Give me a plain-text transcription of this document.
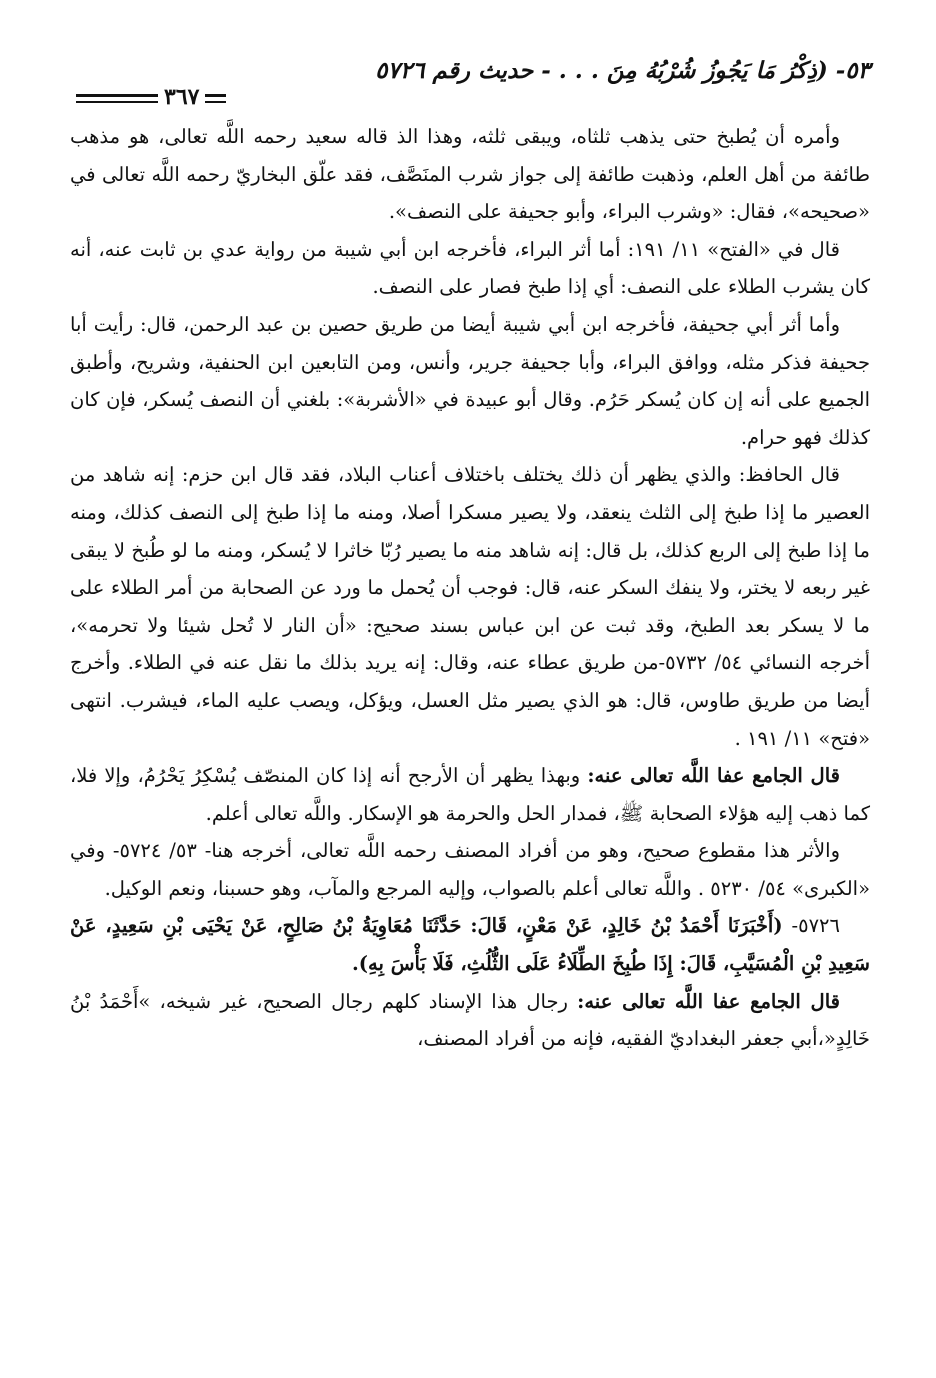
٥٣- (ذِكْرُ مَا يَجُوزُ شُرْبُهُ مِنَ . . . - حديث رقم ٥٧٢٦
٣٦٧

وأمره أن يُطبخ حتى يذهب ثلثاه، ويبقى ثلثه، وهذا الذ قاله سعيد رحمه اللَّه تعالى، هو مذهب طائفة من أهل العلم، وذهبت طائفة إلى جواز شرب المنَصَّف، فقد علّق البخاريّ رحمه اللَّه تعالى في «صحيحه»، فقال: «وشرب البراء، وأبو جحيفة على النصف».

قال في «الفتح» ١١/ ١٩١: أما أثر البراء، فأخرجه ابن أبي شيبة من رواية عدي بن ثابت عنه، أنه كان يشرب الطلاء على النصف: أي إذا طبخ فصار على النصف.

وأما أثر أبي جحيفة، فأخرجه ابن أبي شيبة أيضا من طريق حصين بن عبد الرحمن، قال: رأيت أبا جحيفة فذكر مثله، ووافق البراء، وأبا جحيفة جرير، وأنس، ومن التابعين ابن الحنفية، وشريح، وأطبق الجميع على أنه إن كان يُسكر حَرُم. وقال أبو عبيدة في «الأشربة»: بلغني أن النصف يُسكر، فإن كان كذلك فهو حرام.

قال الحافظ: والذي يظهر أن ذلك يختلف باختلاف أعناب البلاد، فقد قال ابن حزم: إنه شاهد من العصير ما إذا طبخ إلى الثلث ينعقد، ولا يصير مسكرا أصلا، ومنه ما إذا طبخ إلى النصف كذلك، ومنه ما إذا طبخ إلى الربع كذلك، بل قال: إنه شاهد منه ما يصير رُبّا خاثرا لا يُسكر، ومنه ما لو طُبخ لا يبقى غير ربعه لا يختر، ولا ينفك السكر عنه، قال: فوجب أن يُحمل ما ورد عن الصحابة من أمر الطلاء على ما لا يسكر بعد الطبخ، وقد ثبت عن ابن عباس بسند صحيح: «أن النار لا تُحل شيئا ولا تحرمه»، أخرجه النسائي ٥٤/ ٥٧٣٢-من طريق عطاء عنه، وقال: إنه يريد بذلك ما نقل عنه في الطلاء. وأخرج أيضا من طريق طاوس، قال: هو الذي يصير مثل العسل، ويؤكل، ويصب عليه الماء، فيشرب. انتهى «فتح» ١١/ ١٩١ .

قال الجامع عفا اللَّه تعالى عنه: وبهذا يظهر أن الأرجح أنه إذا كان المنصّف يُسْكِرُ يَحْرُمُ، وإلا فلا، كما ذهب إليه هؤلاء الصحابة ﷺ، فمدار الحل والحرمة هو الإسكار. واللَّه تعالى أعلم.

والأثر هذا مقطوع صحيح، وهو من أفراد المصنف رحمه اللَّه تعالى، أخرجه هنا- ٥٣/ ٥٧٢٤- وفي «الكبرى» ٥٤/ ٥٢٣٠ . واللَّه تعالى أعلم بالصواب، وإليه المرجع والمآب، وهو حسبنا، ونعم الوكيل.

٥٧٢٦- (أَخْبَرَنَا أَحْمَدُ بْنُ خَالِدٍ، عَنْ مَعْنٍ، قَالَ: حَدَّثَنَا مُعَاوِيَةُ بْنُ صَالِحٍ، عَنْ يَحْيَى بْنِ سَعِيدٍ، عَنْ سَعِيدِ بْنِ الْمُسَيَّبِ، قَالَ: إِذَا طُبِخَ الطِّلَاءُ عَلَى الثُّلُثِ، فَلَا بَأْسَ بِهِ).

قال الجامع عفا اللَّه تعالى عنه: رجال هذا الإسناد كلهم رجال الصحيح، غير شيخه، »أَحْمَدُ بْنُ خَالِدٍ«،أبي جعفر البغداديّ الفقيه، فإنه من أفراد المصنف،
